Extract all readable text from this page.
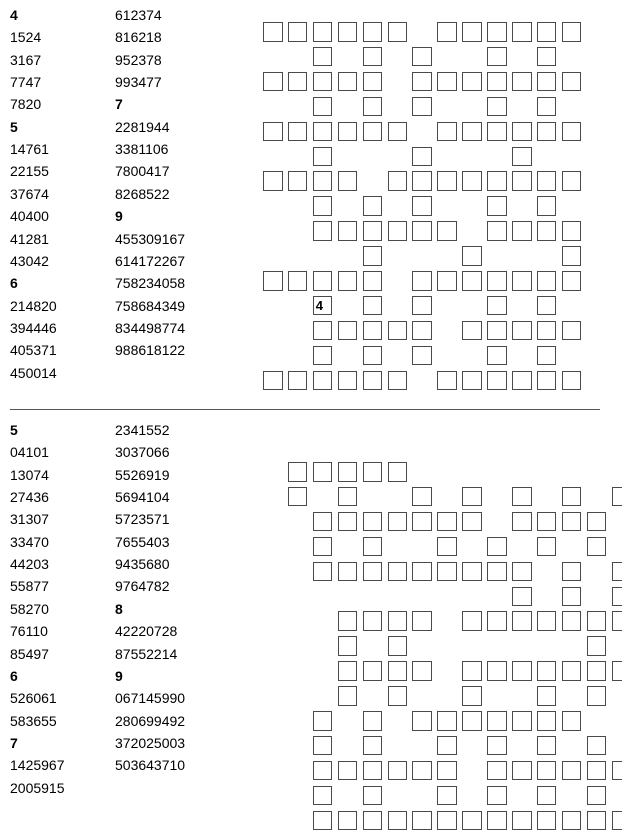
4
1524
3167
7747
7820
5
14761
22155
37674
40400
41281
43042
6
214820
394446
405371
450014
612374
816218
952378
993477
7
2281944
3381106
7800417
8268522
9
455309167
614172267
758234058
758684349
834498774
988618122
4
5
04101
13074
27436
31307
33470
44203
55877
58270
76110
85497
6
526061
583655
7
1425967
2005915
2341552
3037066
5526919
5694104
5723571
7655403
9435680
9764782
8
42220728
87552214
9
067145990
280699492
372025003
503643710
